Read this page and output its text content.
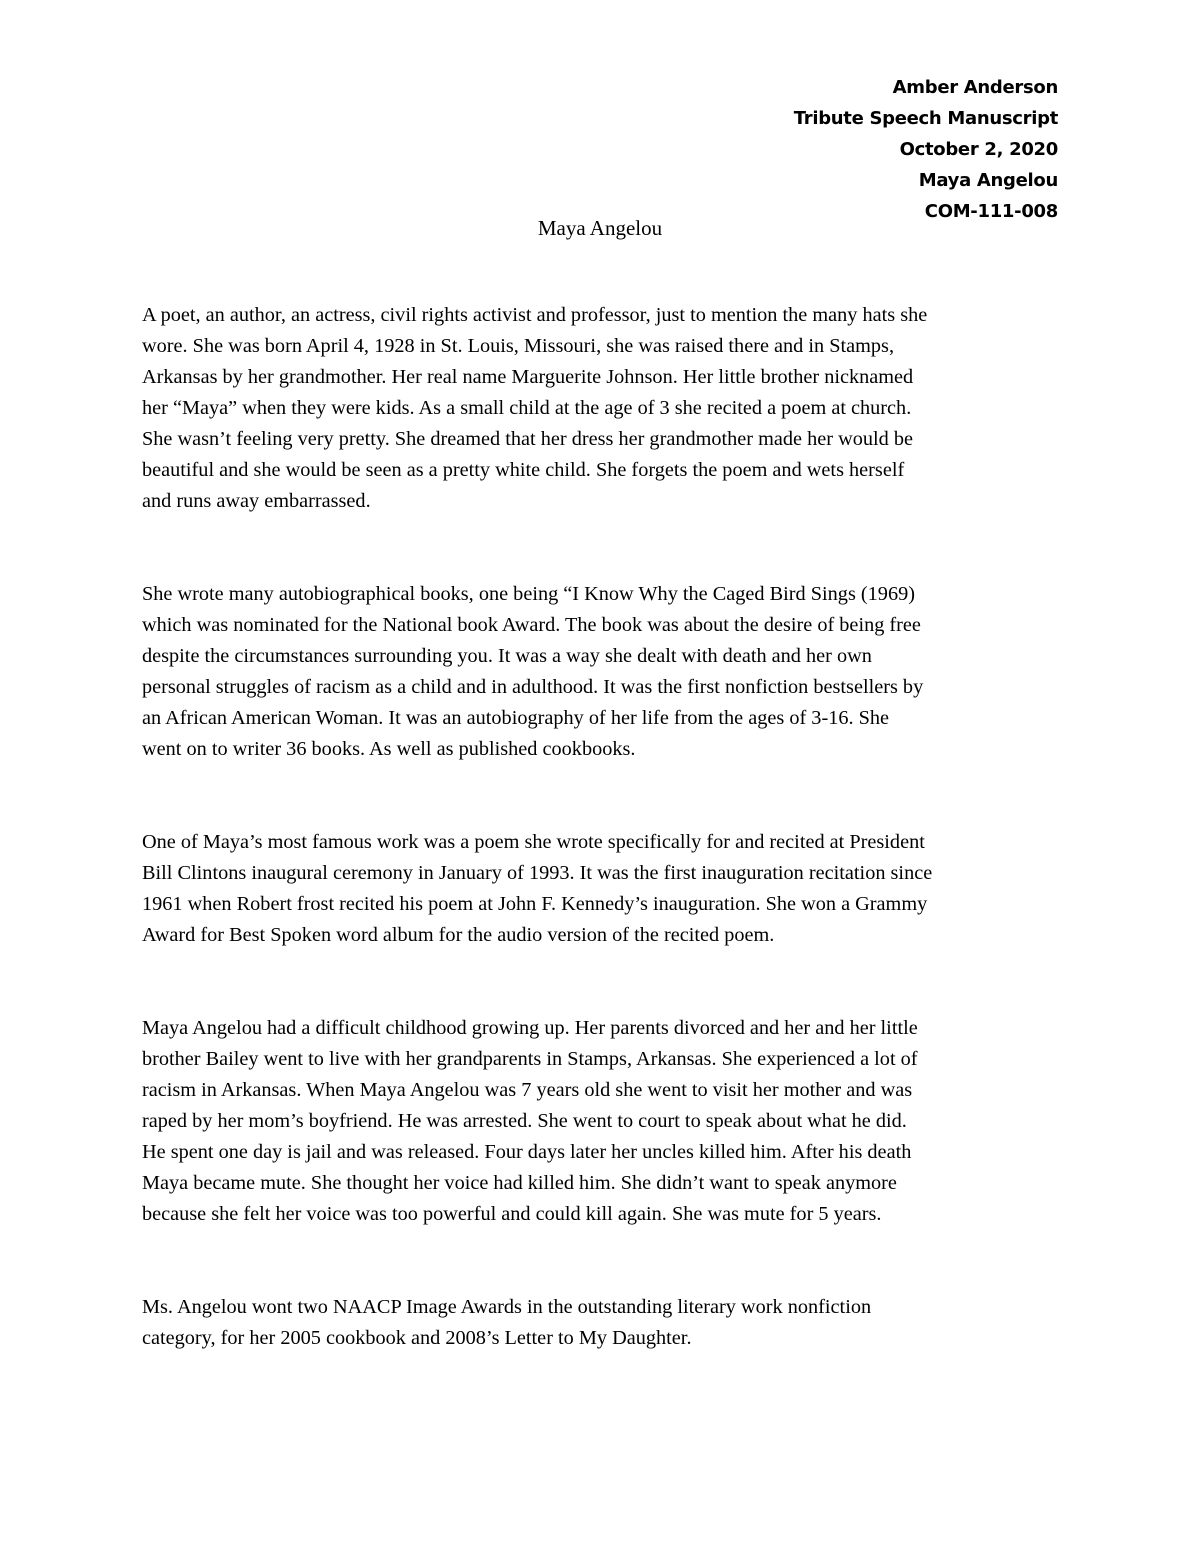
Amber Anderson
Tribute Speech Manuscript
October 2, 2020
Maya Angelou
COM-111-008
Maya Angelou

A poet, an author, an actress, civil rights activist and professor, just to mention the many hats she
wore. She was born April 4, 1928 in St. Louis, Missouri, she was raised there and in Stamps,
Arkansas by her grandmother. Her real name Marguerite Johnson. Her little brother nicknamed
her “Maya” when they were kids. As a small child at the age of 3 she recited a poem at church.
She wasn’t feeling very pretty. She dreamed that her dress her grandmother made her would be
beautiful and she would be seen as a pretty white child. She forgets the poem and wets herself
and runs away embarrassed.

She wrote many autobiographical books, one being “I Know Why the Caged Bird Sings (1969)
which was nominated for the National book Award. The book was about the desire of being free
despite the circumstances surrounding you. It was a way she dealt with death and her own
personal struggles of racism as a child and in adulthood. It was the first nonfiction bestsellers by
an African American Woman. It was an autobiography of her life from the ages of 3-16. She
went on to writer 36 books. As well as published cookbooks.

One of Maya’s most famous work was a poem she wrote specifically for and recited at President
Bill Clintons inaugural ceremony in January of 1993. It was the first inauguration recitation since
1961 when Robert frost recited his poem at John F. Kennedy’s inauguration. She won a Grammy
Award for Best Spoken word album for the audio version of the recited poem.

Maya Angelou had a difficult childhood growing up. Her parents divorced and her and her little
brother Bailey went to live with her grandparents in Stamps, Arkansas. She experienced a lot of
racism in Arkansas. When Maya Angelou was 7 years old she went to visit her mother and was
raped by her mom’s boyfriend. He was arrested. She went to court to speak about what he did.
He spent one day is jail and was released. Four days later her uncles killed him. After his death
Maya became mute. She thought her voice had killed him. She didn’t want to speak anymore
because she felt her voice was too powerful and could kill again. She was mute for 5 years.

Ms. Angelou wont two NAACP Image Awards in the outstanding literary work nonfiction
category, for her 2005 cookbook and 2008’s Letter to My Daughter.
